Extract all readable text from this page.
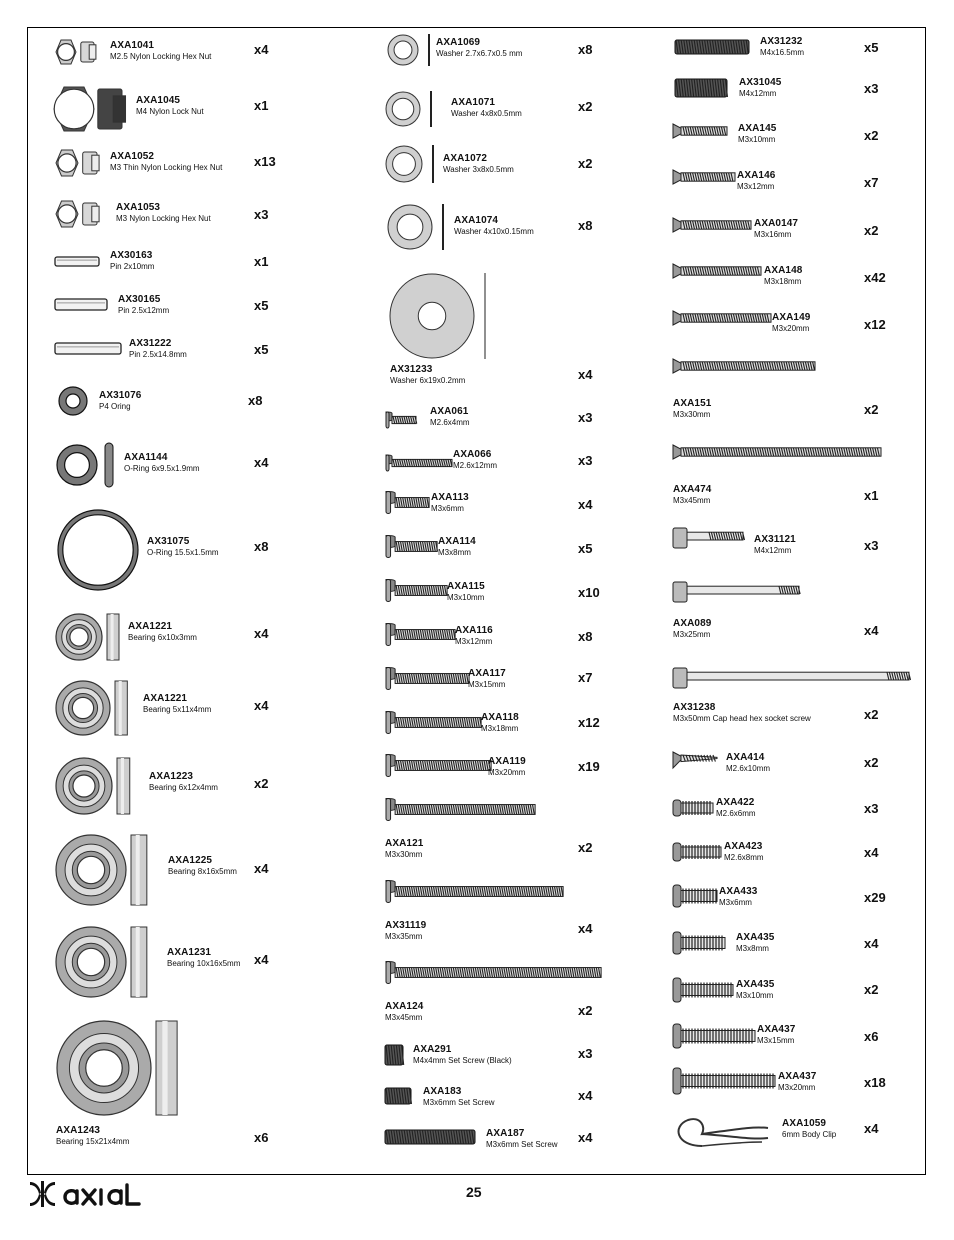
AXA1041
M2.5 Nylon Locking Hex Nut	x4
AXA1045
M4 Nylon Lock Nut	x1
AXA1052
M3 Thin Nylon Locking Hex Nut x13
AXA1053
M3 Nylon Locking Hex Nut	x3
AX30163
Pin 2x10mm	x1
AX30165
Pin 2.5x12mm	x5
AX31222
Pin 2.5x14.8mm	x5
AX31076
P4 Oring	x8
AXA1144
O-Ring 6x9.5x1.9mm	x4
AX31075
O-Ring 15.5x1.5mm	x8
AXA1221
Bearing 6x10x3mm	x4
AXA1221
Bearing 5x11x4mm	x4
AXA1223
Bearing 6x12x4mm	x2
AXA1225
Bearing 8x16x5mm x4
AXA1231
Bearing 10x16x5mm x4
AXA1243
Bearing 15x21x4mm	x6
AXA1069
Washer 2.7x6.7x0.5 mm	x8
AXA1071
Washer 4x8x0.5mm	x2
AXA1072
Washer 3x8x0.5mm	x2
AXA1074
Washer 4x10x0.15mm	x8
AX31233
Washer 6x19x0.2mm	x4
AXA061
M2.6x4mm	x3
AXA066
M2.6x12mm	x3
AXA113
M3x6mm	x4
AXA114
M3x8mm	x5
AXA115
M3x10mm	x10
AXA116
M3x12mm	x8
AXA117
M3x15mm	x7
AXA118
M3x18mm	x12
AXA119
M3x20mm	x19
AXA121
M3x30mm	x2
AX31119
M3x35mm
x4
AXA124
M3x45mm	x2
AXA291
M4x4mm Set Screw (Black)	x3
AXA183
M3x6mm Set Screw	x4
AXA187
M3x6mm Set Screw x4
AX31232
M4x16.5mm	x5
AX31045
M4x12mm	x3
AXA145
M3x10mm	x2
AXA146
M3x12mm	x7
AXA0147
M3x16mm	x2
AXA148
M3x18mm	x42
AXA149
M3x20mm	x12
AXA151
M3x30mm	x2
AXA474
M3x45mm	x1
AX31121
M4x12mm	x3
AXA089
M3x25mm	x4
AX31238
M3x50mm Cap head hex socket screw	x2
AXA414
M2.6x10mm	x2
AXA422
M2.6x6mm	x3
AXA423
M2.6x8mm	x4
AXA433
M3x6mm	x29
AXA435
M3x8mm	x4
AXA435
M3x10mm	x2
AXA437
M3x15mm	x6
AXA437
M3x20mm	x18
AXA1059
6mm Body Clip x4
25
